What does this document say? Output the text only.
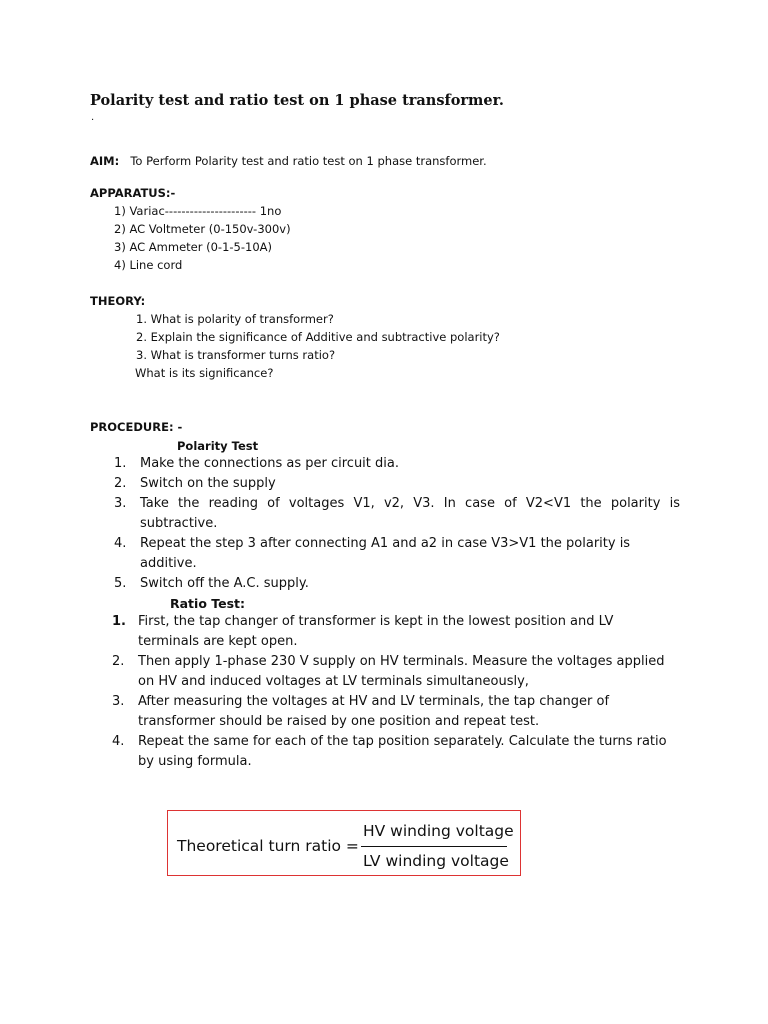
Polarity test and ratio test on 1 phase transformer.
.
AIM: To Perform Polarity test and ratio test on 1 phase transformer.
APPARATUS:-
1) Variac---------------------- 1no
2) AC Voltmeter (0-150v-300v)
3) AC Ammeter (0-1-5-10A)
4) Line cord
THEORY:
1. What is polarity of transformer?
2. Explain the significance of Additive and subtractive polarity?
3. What is transformer turns ratio?
What is its significance?
PROCEDURE: -
Polarity Test
1. Make the connections as per circuit dia.
2. Switch on the supply
3. Take the reading of voltages V1, v2, V3. In case of V2<V1 the polarity is subtractive.
4. Repeat the step 3 after connecting A1 and a2 in case V3>V1 the polarity is additive.
5. Switch off the A.C. supply.
Ratio Test:
1. First, the tap changer of transformer is kept in the lowest position and LV terminals are kept open.
2. Then apply 1-phase 230 V supply on HV terminals. Measure the voltages applied on HV and induced voltages at LV terminals simultaneously,
3. After measuring the voltages at HV and LV terminals, the tap changer of transformer should be raised by one position and repeat test.
4. Repeat the same for each of the tap position separately. Calculate the turns ratio by using formula.
Theoretical turn ratio =
HV winding voltage
LV winding voltage
